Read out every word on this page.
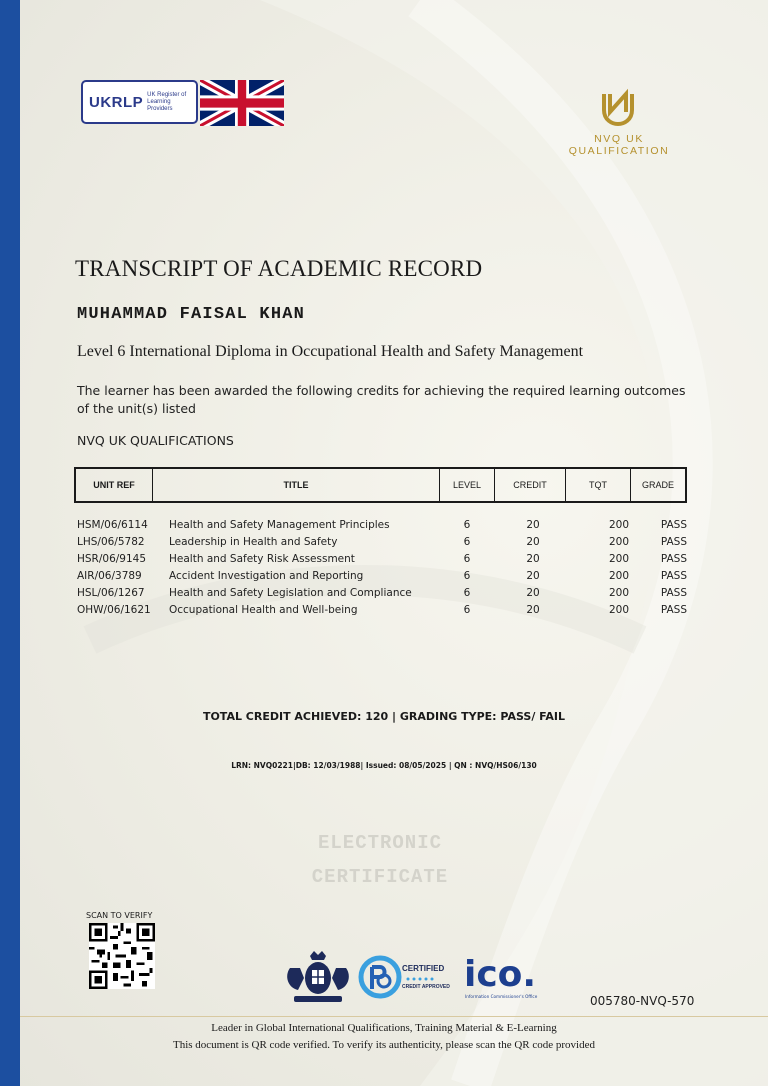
UKRLP UK Register of Learning Providers
NVQ UK QUALIFICATION
TRANSCRIPT OF ACADEMIC RECORD
MUHAMMAD FAISAL KHAN
Level 6 International Diploma in Occupational Health and Safety Management
The learner has been awarded the following credits for achieving the required learning outcomes of the unit(s) listed
NVQ UK QUALIFICATIONS
UNIT REF	TITLE	LEVEL	CREDIT	TQT	GRADE
HSM/06/6114	Health and Safety Management Principles	6	20	200	PASS
LHS/06/5782	Leadership in Health and Safety	6	20	200	PASS
HSR/06/9145	Health and Safety Risk Assessment	6	20	200	PASS
AIR/06/3789	Accident Investigation and Reporting	6	20	200	PASS
HSL/06/1267	Health and Safety Legislation and Compliance	6	20	200	PASS
OHW/06/1621	Occupational Health and Well-being	6	20	200	PASS
TOTAL CREDIT ACHIEVED: 120 | GRADING TYPE: PASS/ FAIL
LRN: NVQ0221|DB: 12/03/1988| Issued: 08/05/2025 | QN : NVQ/HS06/130
ELECTRONIC
CERTIFICATE
SCAN TO VERIFY
CERTIFIED
CREDIT APPROVED ico.
Information Commissioner's Office	005780-NVQ-570
Leader in Global International Qualifications, Training Material & E-Learning
This document is QR code verified. To verify its authenticity, please scan the QR code provided
